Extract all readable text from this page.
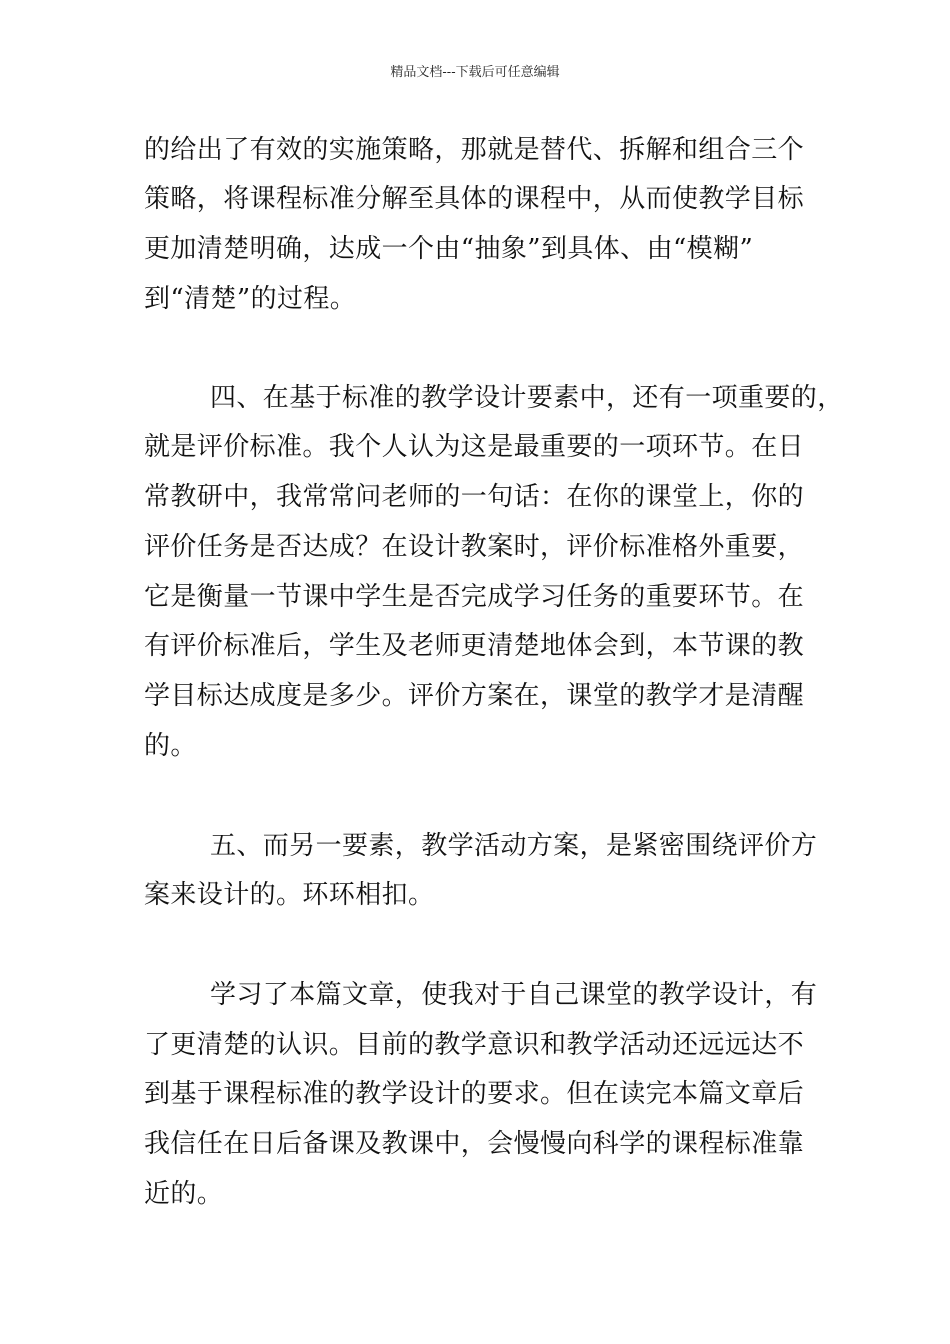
精品文档---下载后可任意编辑
的给出了有效的实施策略，那就是替代、拆解和组合三个
策略，将课程标准分解至具体的课程中，从而使教学目标
更加清楚明确，达成一个由“抽象”到具体、由“模糊”
到“清楚”的过程。
四、在基于标准的教学设计要素中，还有一项重要的，
就是评价标准。我个人认为这是最重要的一项环节。在日
常教研中，我常常问老师的一句话：在你的课堂上，你的
评价任务是否达成？在设计教案时，评价标准格外重要，
它是衡量一节课中学生是否完成学习任务的重要环节。在
有评价标准后，学生及老师更清楚地体会到，本节课的教
学目标达成度是多少。评价方案在，课堂的教学才是清醒
的。
五、而另一要素，教学活动方案，是紧密围绕评价方
案来设计的。环环相扣。
学习了本篇文章，使我对于自己课堂的教学设计，有
了更清楚的认识。目前的教学意识和教学活动还远远达不
到基于课程标准的教学设计的要求。但在读完本篇文章后
我信任在日后备课及教课中，会慢慢向科学的课程标准靠
近的。
